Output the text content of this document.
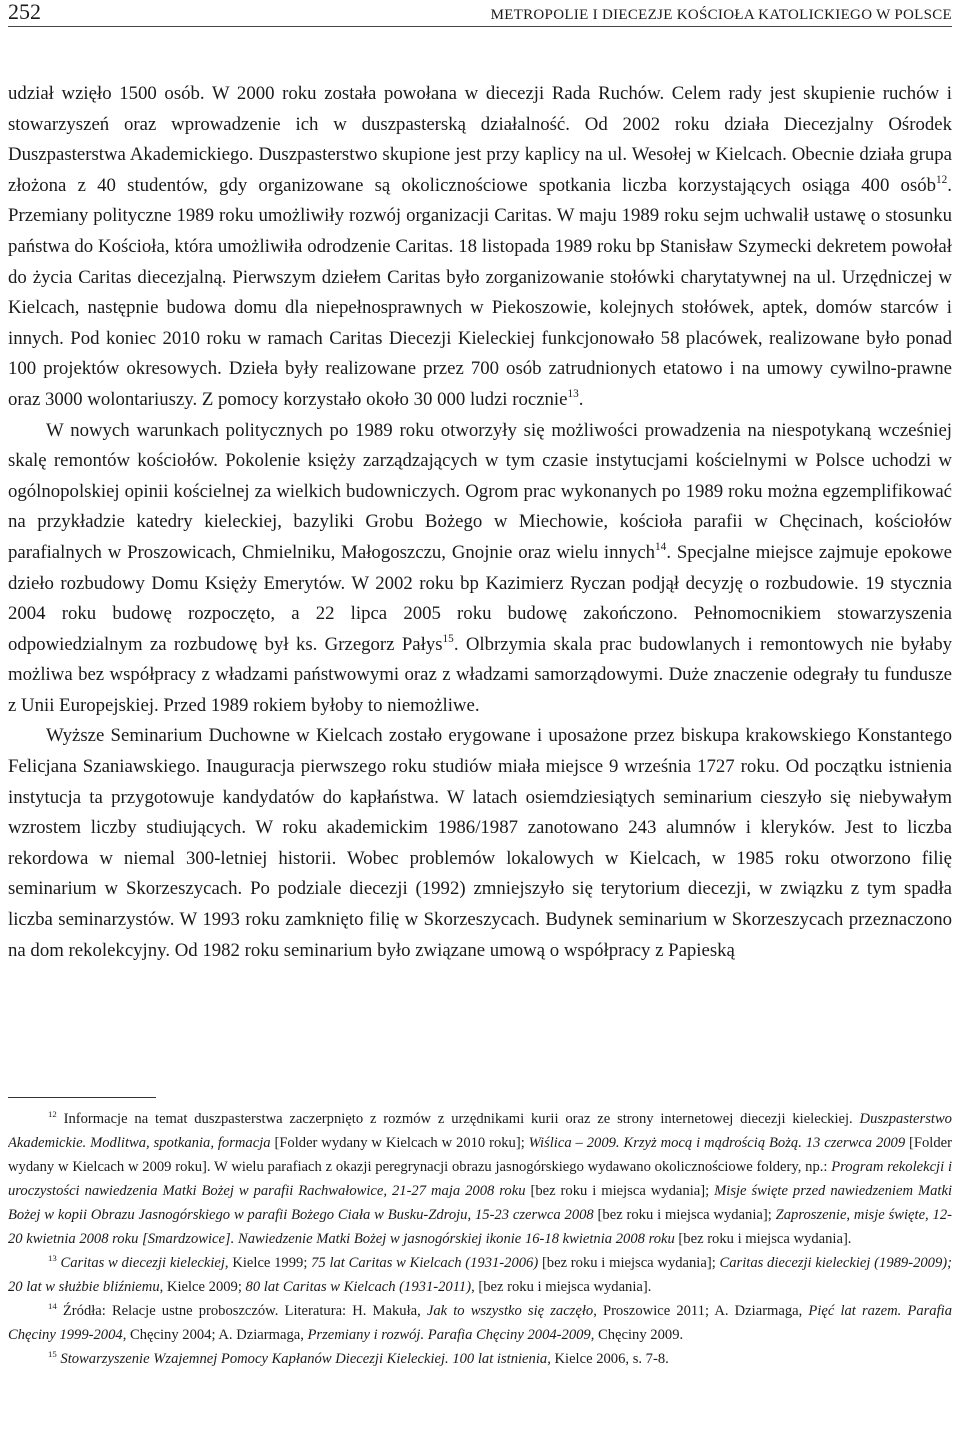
252	METROPOLIE I DIECEZJE KOŚCIOŁA KATOLICKIEGO W POLSCE

udział wzięło 1500 osób. W 2000 roku została powołana w diecezji Rada Ruchów. Celem rady jest skupienie ruchów i stowarzyszeń oraz wprowadzenie ich w duszpasterską działalność. Od 2002 roku działa Diecezjalny Ośrodek Duszpasterstwa Akademickiego. Duszpasterstwo skupione jest przy kaplicy na ul. Wesołej w Kielcach. Obecnie działa grupa złożona z 40 studentów, gdy organizowane są okolicznościowe spotkania liczba korzystających osiąga 400 osób$^{12}$. Przemiany polityczne 1989 roku umożliwiły rozwój organizacji Caritas. W maju 1989 roku sejm uchwalił ustawę o stosunku państwa do Kościoła, która umożliwiła odrodzenie Caritas. 18 listopada 1989 roku bp Stanisław Szymecki dekretem powołał do życia Caritas diecezjalną. Pierwszym dziełem Caritas było zorganizowanie stołówki charytatywnej na ul. Urzędniczej w Kielcach, następnie budowa domu dla niepełnosprawnych w Piekoszowie, kolejnych stołówek, aptek, domów starców i innych. Pod koniec 2010 roku w ramach Caritas Diecezji Kieleckiej funkcjonowało 58 placówek, realizowane było ponad 100 projektów okresowych. Dzieła były realizowane przez 700 osób zatrudnionych etatowo i na umowy cywilno-prawne oraz 3000 wolontariuszy. Z pomocy korzystało około 30 000 ludzi rocznie$^{13}$.

W nowych warunkach politycznych po 1989 roku otworzyły się możliwości prowadzenia na niespotykaną wcześniej skalę remontów kościołów. Pokolenie księży zarządzających w tym czasie instytucjami kościelnymi w Polsce uchodzi w ogólnopolskiej opinii kościelnej za wielkich budowniczych. Ogrom prac wykonanych po 1989 roku można egzemplifikować na przykładzie katedry kieleckiej, bazyliki Grobu Bożego w Miechowie, kościoła parafii w Chęcinach, kościołów parafialnych w Proszowicach, Chmielniku, Małogoszczu, Gnojnie oraz wielu innych$^{14}$. Specjalne miejsce zajmuje epokowe dzieło rozbudowy Domu Księży Emerytów. W 2002 roku bp Kazimierz Ryczan podjął decyzję o rozbudowie. 19 stycznia 2004 roku budowę rozpoczęto, a 22 lipca 2005 roku budowę zakończono. Pełnomocnikiem stowarzyszenia odpowiedzialnym za rozbudowę był ks. Grzegorz Pałys$^{15}$. Olbrzymia skala prac budowlanych i remontowych nie byłaby możliwa bez współpracy z władzami państwowymi oraz z władzami samorządowymi. Duże znaczenie odegrały tu fundusze z Unii Europejskiej. Przed 1989 rokiem byłoby to niemożliwe.

Wyższe Seminarium Duchowne w Kielcach zostało erygowane i uposażone przez biskupa krakowskiego Konstantego Felicjana Szaniawskiego. Inauguracja pierwszego roku studiów miała miejsce 9 września 1727 roku. Od początku istnienia instytucja ta przygotowuje kandydatów do kapłaństwa. W latach osiemdziesiątych seminarium cieszyło się niebywałym wzrostem liczby studiujących. W roku akademickim 1986/1987 zanotowano 243 alumnów i kleryków. Jest to liczba rekordowa w niemal 300-letniej historii. Wobec problemów lokalowych w Kielcach, w 1985 roku otworzono filię seminarium w Skorzeszycach. Po podziale diecezji (1992) zmniejszyło się terytorium diecezji, w związku z tym spadła liczba seminarzystów. W 1993 roku zamknięto filię w Skorzeszycach. Budynek seminarium w Skorzeszycach przeznaczono na dom rekolekcyjny. Od 1982 roku seminarium było związane umową o współpracy z Papieską

$^{12}$ Informacje na temat duszpasterstwa zaczerpnięto z rozmów z urzędnikami kurii oraz ze strony internetowej diecezji kieleckiej. Duszpasterstwo Akademickie. Modlitwa, spotkania, formacja [Folder wydany w Kielcach w 2010 roku]; Wiślica – 2009. Krzyż mocą i mądrością Bożą. 13 czerwca 2009 [Folder wydany w Kielcach w 2009 roku]. W wielu parafiach z okazji peregrynacji obrazu jasnogórskiego wydawano okolicznościowe foldery, np.: Program rekolekcji i uroczystości nawiedzenia Matki Bożej w parafii Rachwałowice, 21-27 maja 2008 roku [bez roku i miejsca wydania]; Misje święte przed nawiedzeniem Matki Bożej w kopii Obrazu Jasnogórskiego w parafii Bożego Ciała w Busku-Zdroju, 15-23 czerwca 2008 [bez roku i miejsca wydania]; Zaproszenie, misje święte, 12-20 kwietnia 2008 roku [Smardzowice]. Nawiedzenie Matki Bożej w jasnogórskiej ikonie 16-18 kwietnia 2008 roku [bez roku i miejsca wydania].

$^{13}$ Caritas w diecezji kieleckiej, Kielce 1999; 75 lat Caritas w Kielcach (1931-2006) [bez roku i miejsca wydania]; Caritas diecezji kieleckiej (1989-2009); 20 lat w służbie bliźniemu, Kielce 2009; 80 lat Caritas w Kielcach (1931-2011), [bez roku i miejsca wydania].

$^{14}$ Źródła: Relacje ustne proboszczów. Literatura: H. Makuła, Jak to wszystko się zaczęło, Proszowice 2011; A. Dziarmaga, Pięć lat razem. Parafia Chęciny 1999-2004, Chęciny 2004; A. Dziarmaga, Przemiany i rozwój. Parafia Chęciny 2004-2009, Chęciny 2009.

$^{15}$ Stowarzyszenie Wzajemnej Pomocy Kapłanów Diecezji Kieleckiej. 100 lat istnienia, Kielce 2006, s. 7-8.
